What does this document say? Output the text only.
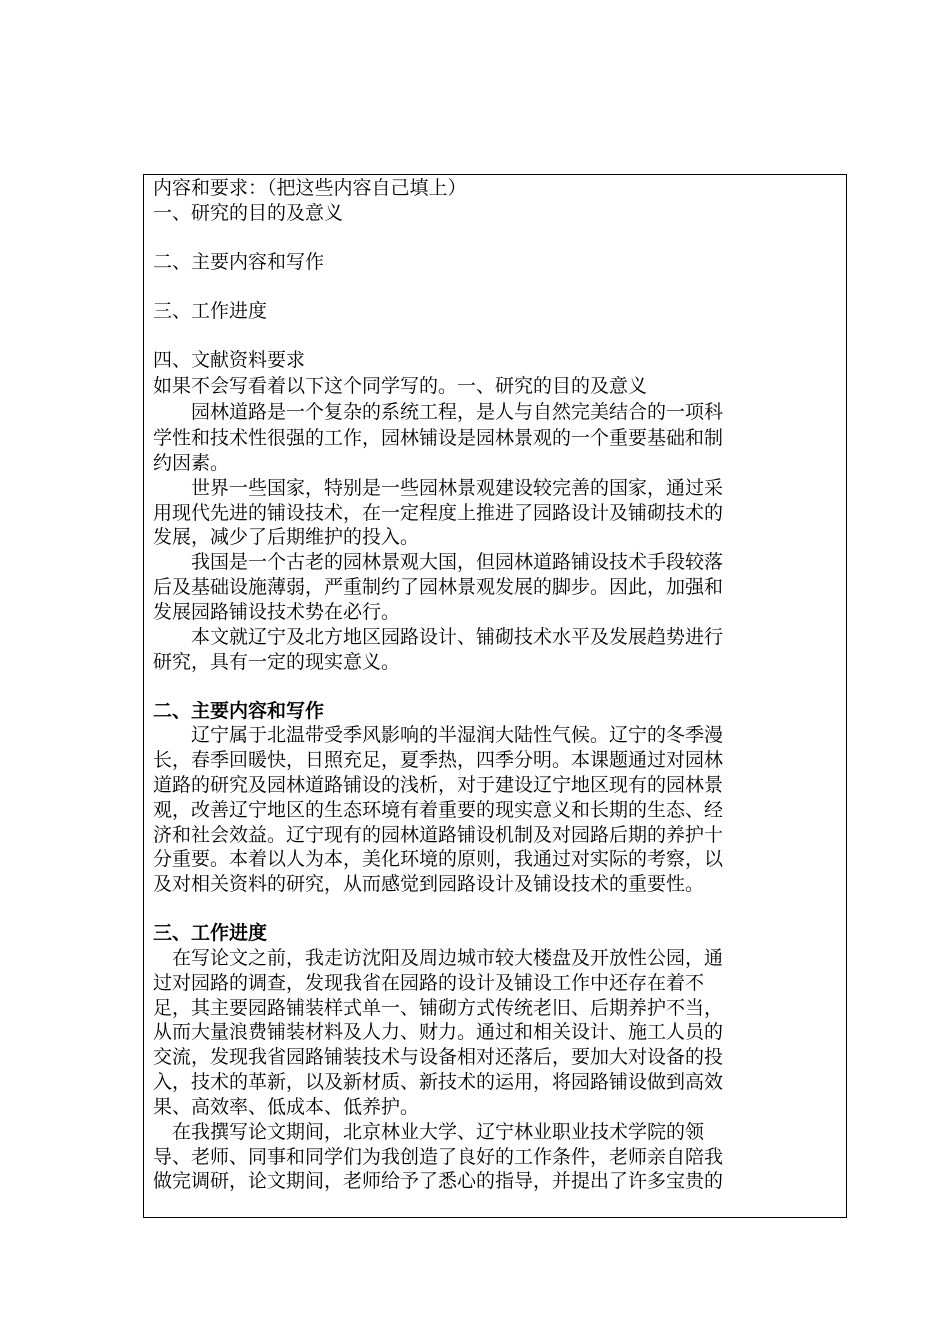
内容和要求：（把这些内容自己填上）
一、研究的目的及意义
二、主要内容和写作
三、工作进度
四、文献资料要求
如果不会写看着以下这个同学写的。一、研究的目的及意义
　　园林道路是一个复杂的系统工程，是人与自然完美结合的一项科
学性和技术性很强的工作，园林铺设是园林景观的一个重要基础和制
约因素。
　　世界一些国家，特别是一些园林景观建设较完善的国家，通过采
用现代先进的铺设技术，在一定程度上推进了园路设计及铺砌技术的
发展，减少了后期维护的投入。
　　我国是一个古老的园林景观大国，但园林道路铺设技术手段较落
后及基础设施薄弱，严重制约了园林景观发展的脚步。因此，加强和
发展园路铺设技术势在必行。
　　本文就辽宁及北方地区园路设计、铺砌技术水平及发展趋势进行
研究，具有一定的现实意义。
二、主要内容和写作
　　辽宁属于北温带受季风影响的半湿润大陆性气候。辽宁的冬季漫
长，春季回暖快，日照充足，夏季热，四季分明。本课题通过对园林
道路的研究及园林道路铺设的浅析，对于建设辽宁地区现有的园林景
观，改善辽宁地区的生态环境有着重要的现实意义和长期的生态、经
济和社会效益。辽宁现有的园林道路铺设机制及对园路后期的养护十
分重要。本着以人为本，美化环境的原则，我通过对实际的考察，以
及对相关资料的研究，从而感觉到园路设计及铺设技术的重要性。
三、工作进度
　在写论文之前，我走访沈阳及周边城市较大楼盘及开放性公园，通
过对园路的调查，发现我省在园路的设计及铺设工作中还存在着不
足，其主要园路铺装样式单一、铺砌方式传统老旧、后期养护不当，
从而大量浪费铺装材料及人力、财力。通过和相关设计、施工人员的
交流，发现我省园路铺装技术与设备相对还落后，要加大对设备的投
入，技术的革新，以及新材质、新技术的运用，将园路铺设做到高效
果、高效率、低成本、低养护。
　在我撰写论文期间，北京林业大学、辽宁林业职业技术学院的领
导、老师、同事和同学们为我创造了良好的工作条件，老师亲自陪我
做完调研，论文期间，老师给予了悉心的指导，并提出了许多宝贵的
